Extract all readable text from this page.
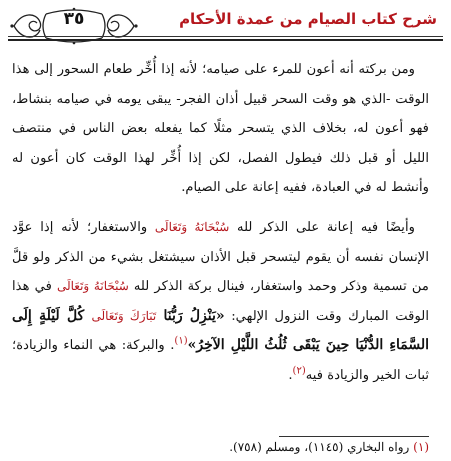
شرح كتاب الصيام من عمدة الأحكام
٣٥

ومن بركته أنه أعون للمرء على صيامه؛ لأنه إذا أُخِّر طعام السحور إلى هذا الوقت -الذي هو وقت السحر قبيل أذان الفجر- يبقى يومه في صيامه بنشاط، فهو أعون له، بخلاف الذي يتسحر مثلًا كما يفعله بعض الناس في منتصف الليل أو قبل ذلك فيطول الفصل، لكن إذا أُخِّر لهذا الوقت كان أعون له وأنشط له في العبادة، ففيه إعانة على الصيام.

وأيضًا فيه إعانة على الذكر لله سُبْحَانَهُ وَتَعَالَى والاستغفار؛ لأنه إذا عوَّد الإنسان نفسه أن يقوم ليتسحر قبل الأذان سيشتغل بشيء من الذكر ولو قلَّ من تسمية وذكر وحمد واستغفار، فينال بركة الذكر لله سُبْحَانَهُ وَتَعَالَى في هذا الوقت المبارك وقت النزول الإلهي: «يَنْزِلُ رَبُّنَا تَبَارَكَ وَتَعَالَى كُلَّ لَيْلَةٍ إِلَى السَّمَاءِ الدُّنْيَا حِينَ يَبْقَى ثُلُثُ اللَّيْلِ الآخِرُ»$^{(١)}$. والبركة: هي النماء والزيادة؛ ثبات الخير والزيادة فيه$^{(٢)}$.

(١) رواه البخاري (١١٤٥)، ومسلم (٧٥٨).
